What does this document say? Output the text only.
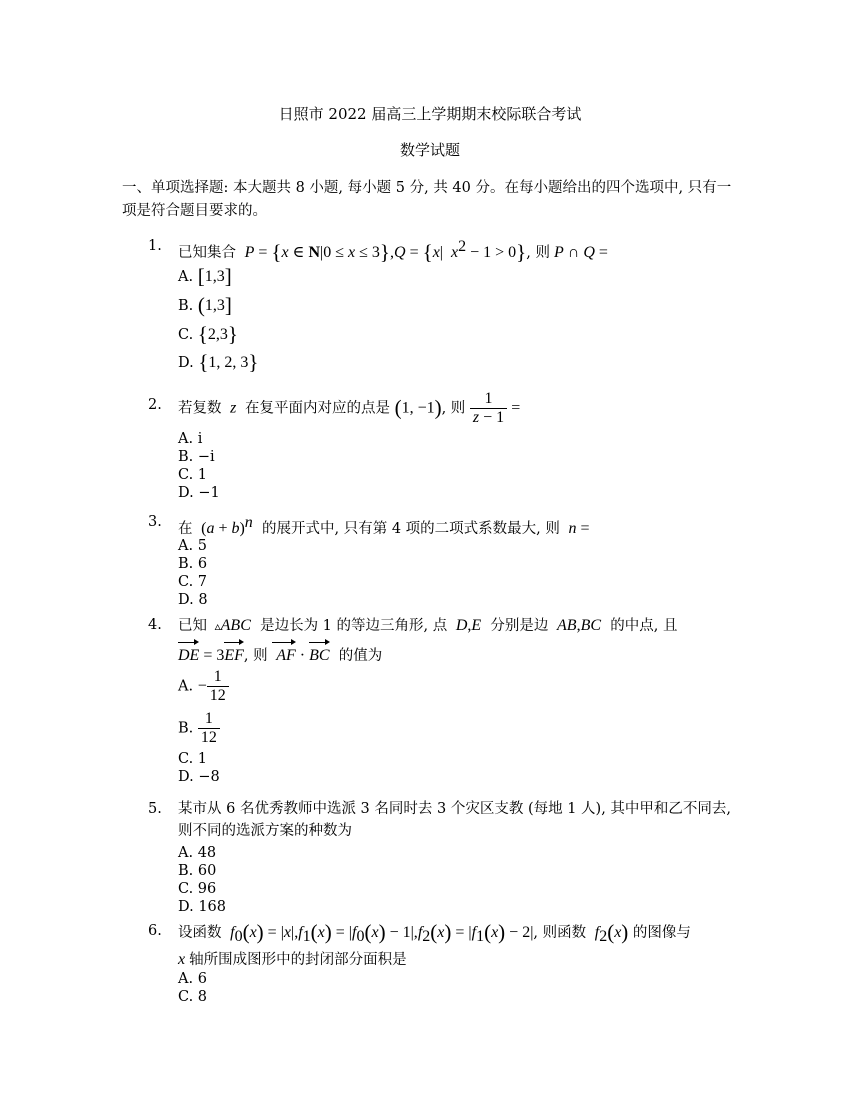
日照市 2022 届高三上学期期末校际联合考试
数学试题
一、单项选择题: 本大题共 8 小题, 每小题 5 分, 共 40 分。在每小题给出的四个选项中, 只有一项是符合题目要求的。
1.	已知集合  P = {x ∈ N|0 ≤ x ≤ 3},Q = {x|  $x^2 - 1 > 0$}, 则 P ∩ Q =
A. [1,3]
B. (1,3]
C. {2,3}
D. {1, 2, 3}
2.	若复数  z  在复平面内对应的点是 (1, −1), 则 $\frac{1}{z - 1}$ =
A. i
B. −i
C. 1
D. −1
3.	在  $(a + b)^n$ 的展开式中, 只有第 4 项的二项式系数最大, 则  n =
A. 5
B. 6
C. 7
D. 8
4.	已知  ▵ABC 是边长为 1 的等边三角形, 点  D,E 分别是边  AB,BC 的中点, 且
DE = 3EF, 则  AF · BC 的值为
A. − $\frac{1}{12}$
B. $\frac{1}{12}$
C. 1
D. −8
5.	某市从 6 名优秀教师中选派 3 名同时去 3 个灾区支教 (每地 1 人), 其中甲和乙不同去, 则不同的选派方案的种数为
A. 48
B. 60
C. 96
D. 168
6.	设函数  $f_0(x) = |x|,f_1(x) = |f_0(x) - 1|,f_2(x) = |f_1(x) - 2|$, 则函数  $f_2(x)$ 的图像与
x 轴所围成图形中的封闭部分面积是
A. 6
C. 8
